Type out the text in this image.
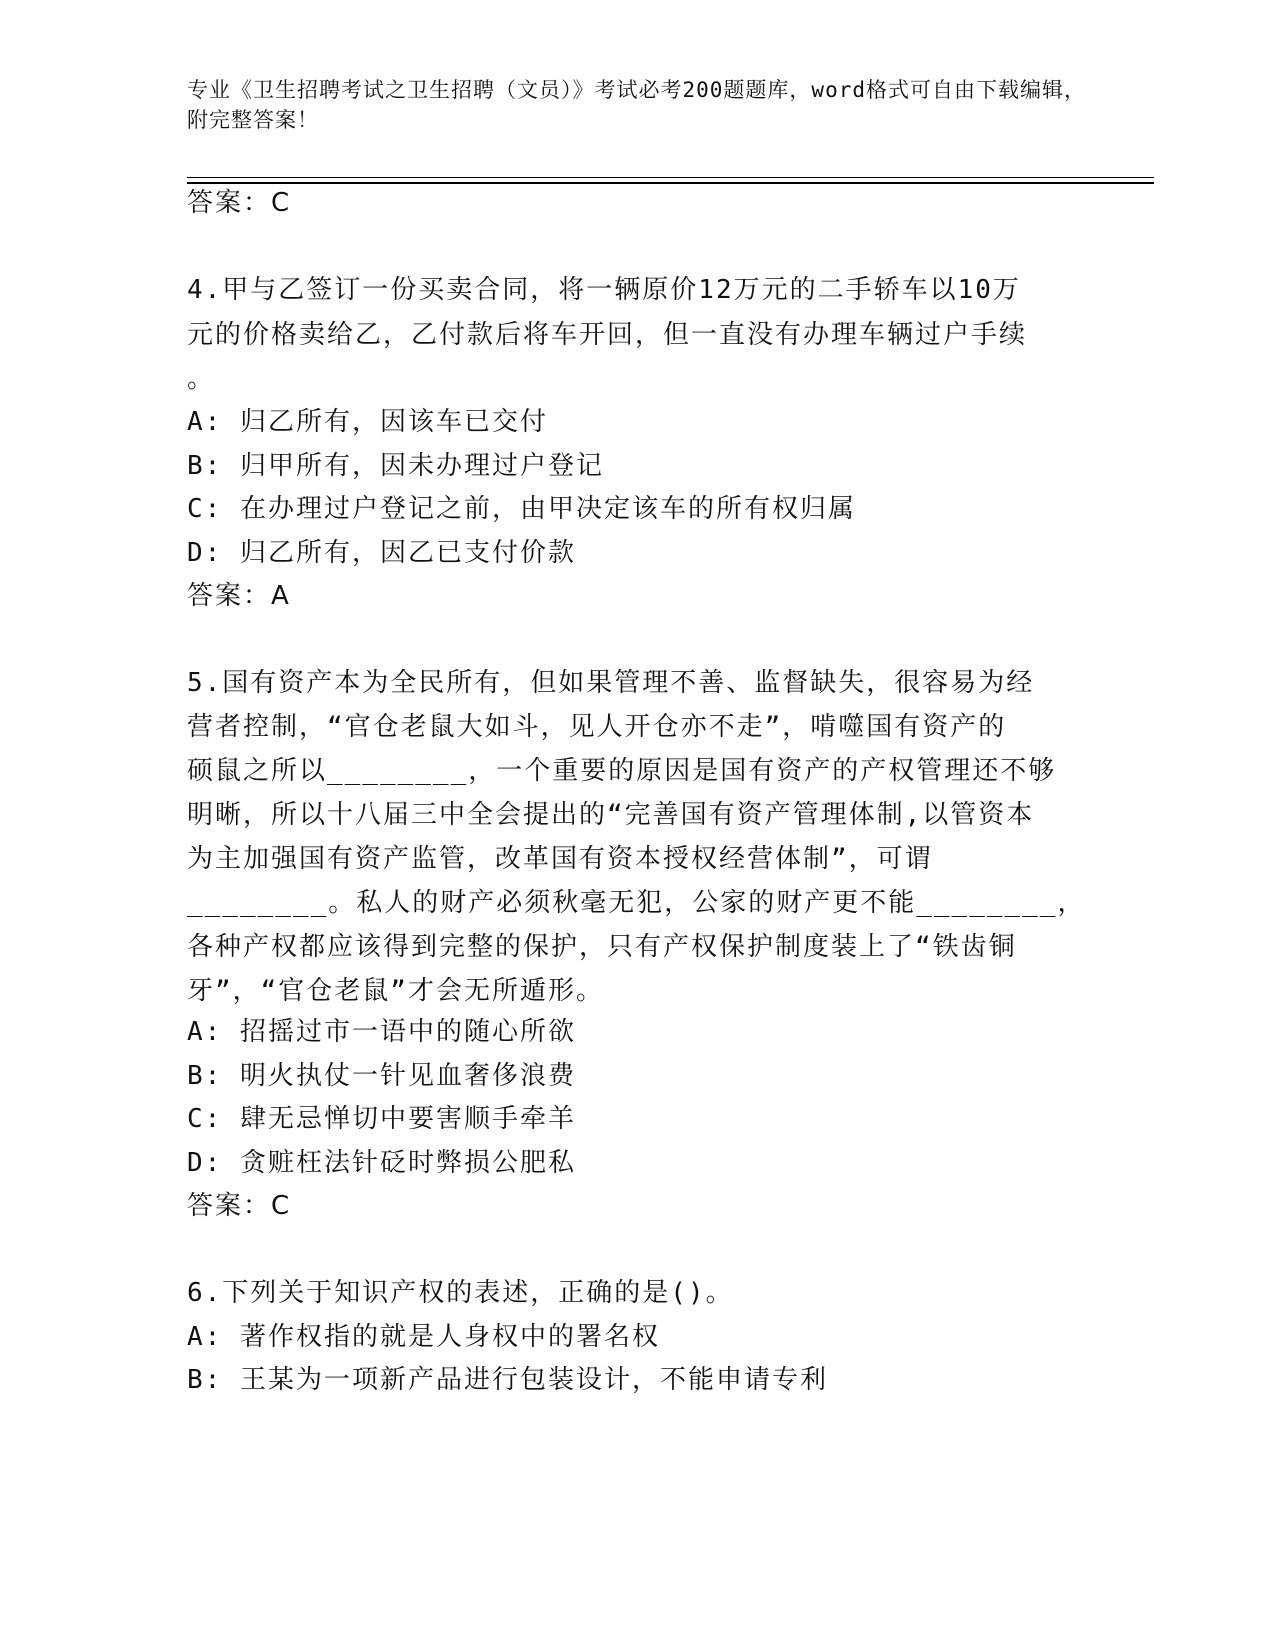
专业《卫生招聘考试之卫生招聘（文员）》考试必考200题题库，word格式可自由下载编辑，附完整答案！
答案：C
4.甲与乙签订一份买卖合同，将一辆原价12万元的二手轿车以10万
元的价格卖给乙，乙付款后将车开回，但一直没有办理车辆过户手续
。
A: 归乙所有，因该车已交付
B: 归甲所有，因未办理过户登记
C: 在办理过户登记之前，由甲决定该车的所有权归属
D: 归乙所有，因乙已支付价款
答案：A
5.国有资产本为全民所有，但如果管理不善、监督缺失，很容易为经
营者控制，“官仓老鼠大如斗，见人开仓亦不走”，啃噬国有资产的
硕鼠之所以________，一个重要的原因是国有资产的产权管理还不够
明晰，所以十八届三中全会提出的“完善国有资产管理体制,以管资本
为主加强国有资产监管，改革国有资本授权经营体制”，可谓
________。私人的财产必须秋毫无犯，公家的财产更不能________，
各种产权都应该得到完整的保护，只有产权保护制度装上了“铁齿铜
牙”，“官仓老鼠”才会无所遁形。
A: 招摇过市一语中的随心所欲
B: 明火执仗一针见血奢侈浪费
C: 肆无忌惮切中要害顺手牵羊
D: 贪赃枉法针砭时弊损公肥私
答案：C
6.下列关于知识产权的表述，正确的是()。
A: 著作权指的就是人身权中的署名权
B: 王某为一项新产品进行包装设计，不能申请专利
